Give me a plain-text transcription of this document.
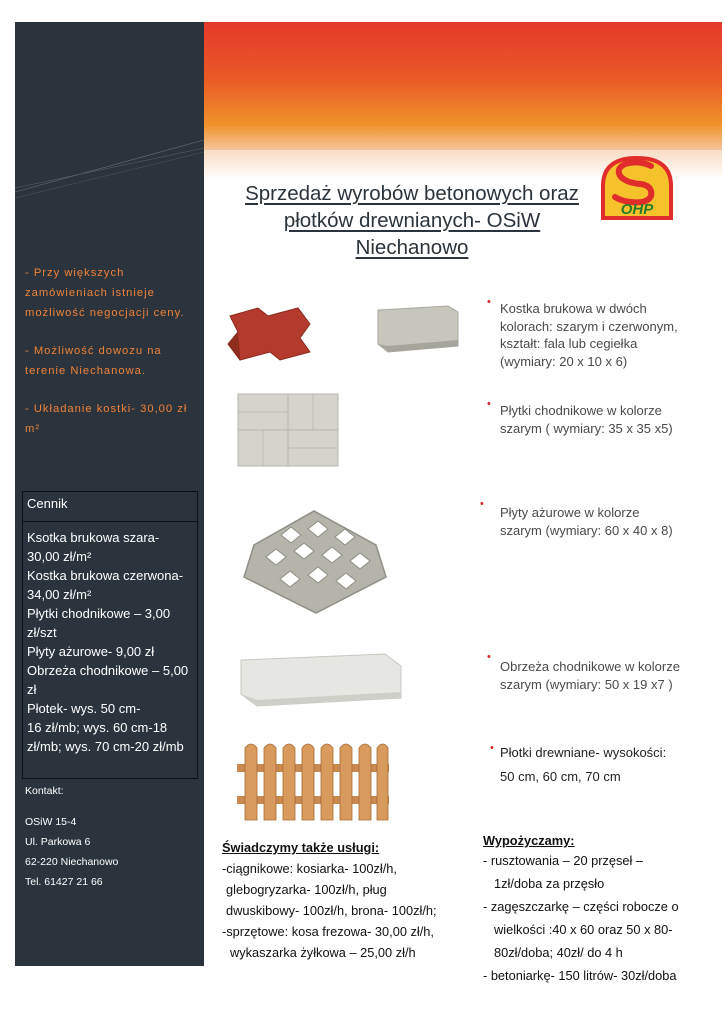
Sprzedaż wyrobów betonowych oraz
płotków drewnianych- OSiW
Niechanowo
OHP

- Przy większych zamówieniach istnieje możliwość negocjacji ceny.

- Możliwość dowozu na terenie Niechanowa.

- Układanie kostki- 30,00 zł m²

Cennik
Ksotka brukowa szara-
30,00 zł/m²
Kostka brukowa czerwona-
34,00 zł/m²
Płytki chodnikowe – 3,00
zł/szt
Płyty ażurowe- 9,00 zł
Obrzeża chodnikowe – 5,00
zł
Płotek- wys. 50 cm-
16 zł/mb; wys. 60 cm-18
zł/mb; wys. 70 cm-20 zł/mb
Kontakt:
OSiW 15-4
Ul. Parkowa 6
62-220 Niechanowo
Tel. 61427 21 66
• Kostka brukowa w dwóch
kolorach: szarym i czerwonym,
kształt: fala lub cegiełka
(wymiary: 20 x 10 x 6)
• Płytki chodnikowe w kolorze
szarym ( wymiary: 35 x 35 x5)
•
Płyty ażurowe w kolorze
szarym (wymiary: 60 x 40 x 8)
•
Obrzeża chodnikowe w kolorze
szarym (wymiary: 50 x 19 x7 )
• Płotki drewniane- wysokości:
50 cm, 60 cm, 70 cm
Świadczymy także usługi:
-ciągnikowe: kosiarka- 100zł/h,
glebogryzarka- 100zł/h, pług
dwuskibowy- 100zł/h, brona- 100zł/h;
-sprzętowe: kosa frezowa- 30,00 zł/h,
wykaszarka żyłkowa – 25,00 zł/h
Wypożyczamy:
- rusztowania – 20 przęseł –
1zł/doba za przęsło
- zagęszczarkę – części robocze o
wielkości :40 x 60 oraz 50 x 80-
80zł/doba; 40zł/ do 4 h
- betoniarkę- 150 litrów- 30zł/doba
